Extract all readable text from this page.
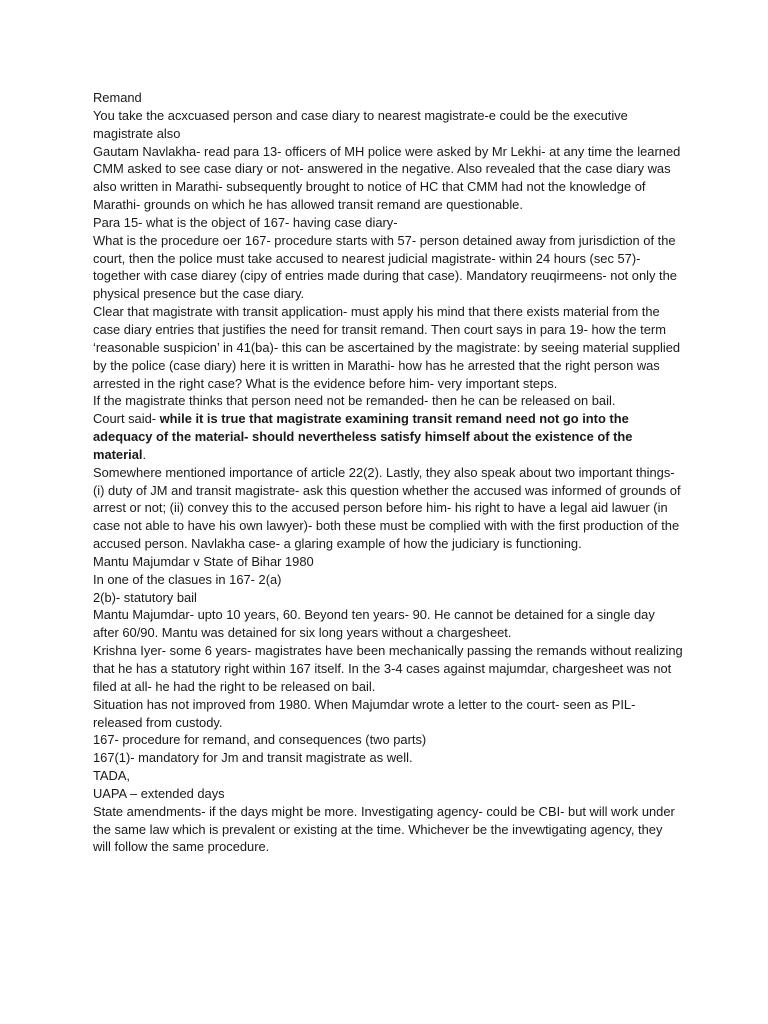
Remand

You take the acxcuased person and case diary to nearest magistrate-e could be the executive magistrate also

Gautam Navlakha- read para 13- officers of MH police were asked by Mr Lekhi- at any time the learned CMM asked to see case diary or not- answered in the negative. Also revealed that the case diary was also written in Marathi- subsequently brought to notice of HC that CMM had not the knowledge of Marathi- grounds on which he has allowed transit remand are questionable.

Para 15- what is the object of 167- having case diary-

What is the procedure oer 167- procedure starts with 57- person detained away from jurisdiction of the court, then the police must take accused to nearest judicial magistrate- within 24 hours (sec 57)- together with case diarey (cipy of entries made during that case). Mandatory reuqirmeens- not only the physical presence but the case diary.

Clear that magistrate with transit application- must apply his mind that there exists material from the case diary entries that justifies the need for transit remand. Then court says in para 19- how the term ‘reasonable suspicion’ in 41(ba)- this can be ascertained by the magistrate: by seeing material supplied by the police (case diary) here it is written in Marathi- how has he arrested that the right person was arrested in the right case? What is the evidence before him- very important steps.

If the magistrate thinks that person need not be remanded- then he can be released on bail.

Court said- while it is true that magistrate examining transit remand need not go into the adequacy of the material- should nevertheless satisfy himself about the existence of the material.

Somewhere mentioned importance of article 22(2). Lastly, they also speak about two important things- (i) duty of JM and transit magistrate- ask this question whether the accused was informed of grounds of arrest or not; (ii) convey this to the accused person before him- his right to have a legal aid lawuer (in case not able to have his own lawyer)- both these must be complied with with the first production of the accused person. Navlakha case- a glaring example of how the judiciary is functioning.

Mantu Majumdar v State of Bihar 1980

In one of the clasues in 167- 2(a)

2(b)- statutory bail

Mantu Majumdar- upto 10 years, 60. Beyond ten years- 90. He cannot be detained for a single day after 60/90. Mantu was detained for six long years without a chargesheet.

Krishna Iyer- some 6 years- magistrates have been mechanically passing the remands without realizing that he has a statutory right within 167 itself. In the 3-4 cases against majumdar, chargesheet was not filed at all- he had the right to be released on bail.

Situation has not improved from 1980. When Majumdar wrote a letter to the court- seen as PIL- released from custody.

167- procedure for remand, and consequences (two parts)

167(1)- mandatory for Jm and transit magistrate as well.

TADA,

UAPA – extended days

State amendments- if the days might be more. Investigating agency- could be CBI- but will work under the same law which is prevalent or existing at the time. Whichever be the invewtigating agency, they will follow the same procedure.
